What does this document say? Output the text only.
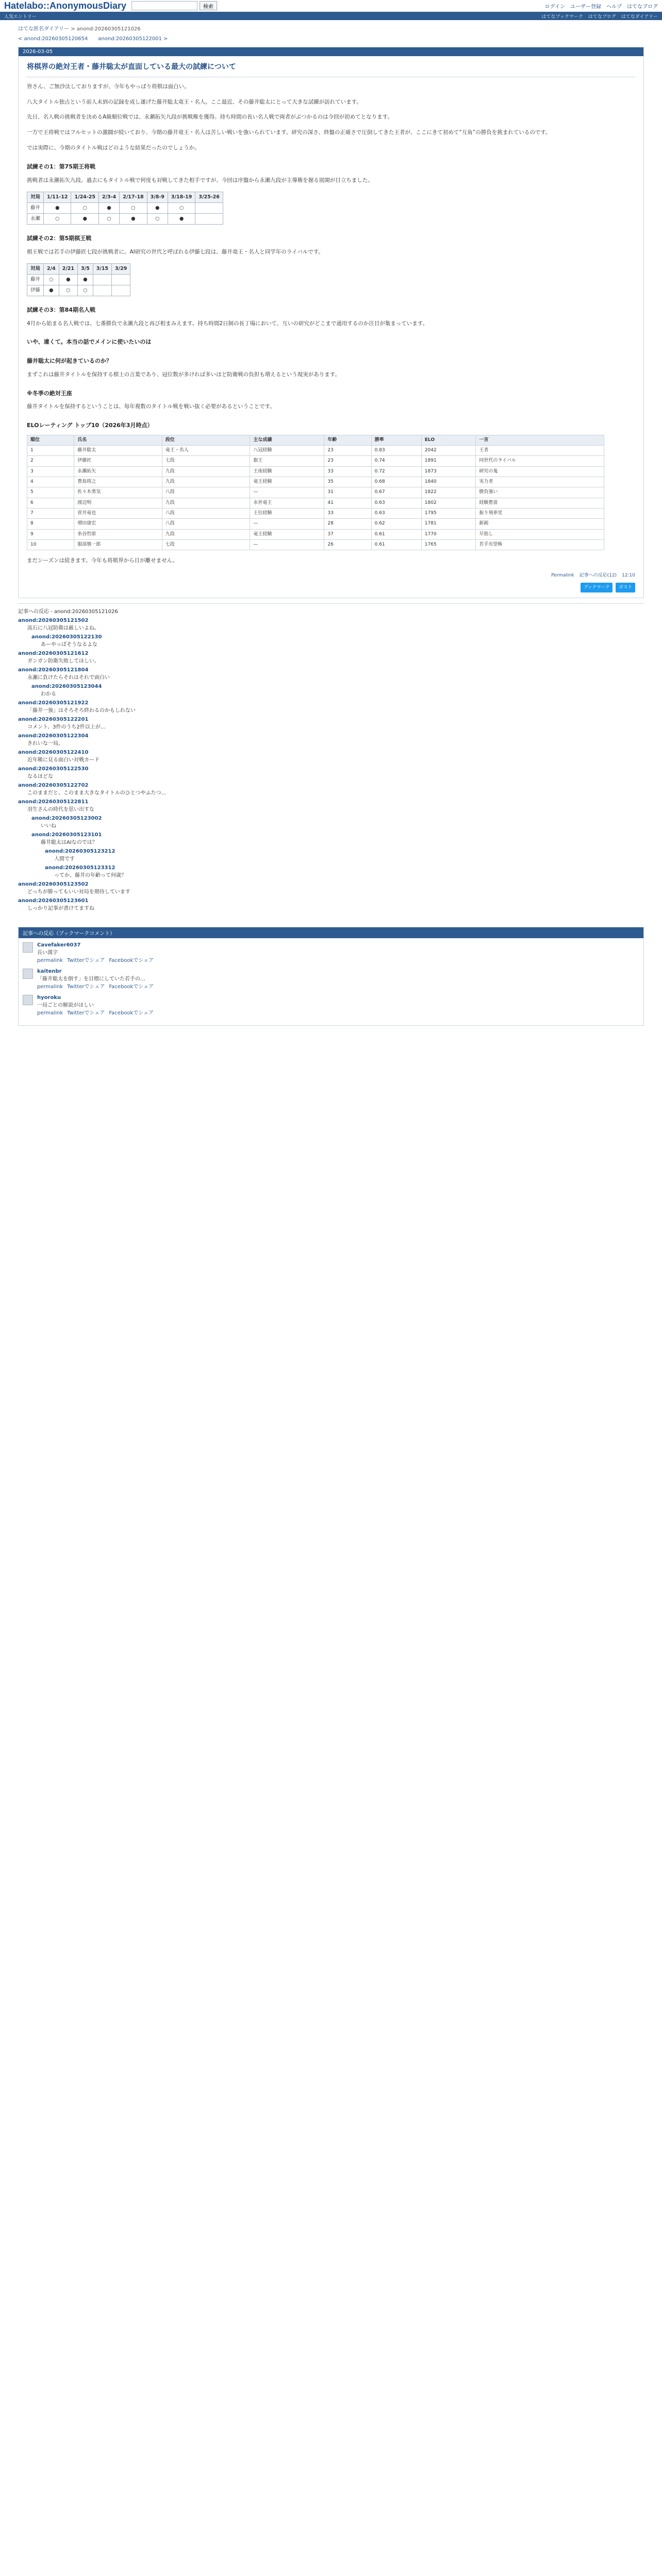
Hatelabo::AnonymousDiary	検索	ログイン ユーザー登録 ヘルプ はてなブログ
人気エントリー	はてなブックマーク はてなブログ はてなダイアリー
はてな匿名ダイアリー > anond:20260305121026
< anond:20260305120654 anond:20260305122001 >
2026-03-05
将棋界の絶対王者・藤井聡太が直面している最大の試練について

皆さん、ご無沙汰しておりますが、今年もやっぱり将棋は面白い。

八大タイトル独占という前人未到の記録を成し遂げた藤井聡太竜王・名人。ここ最近、その藤井聡太にとって大きな試練が訪れています。

先日、名人戦の挑戦者を決めるA級順位戦では、永瀬拓矢九段が挑戦権を獲得。持ち時間の長い名人戦で両者がぶつかるのは今回が初めてとなります。

一方で王将戦ではフルセットの激闘が続いており、今期の藤井竜王・名人は苦しい戦いを強いられています。研究の深さ、終盤の正確さで圧倒してきた王者が、ここにきて初めて“互角”の勝負を挑まれているのです。

では実際に、今期のタイトル戦はどのような結果だったのでしょうか。

試練その1：第75期王将戦

挑戦者は永瀬拓矢九段。過去にもタイトル戦で何度も対戦してきた相手ですが、今回は序盤から永瀬九段が主導権を握る展開が目立ちました。

対局	1/11-12	1/24-25	2/3-4	2/17-18	3/8-9	3/18-19	3/25-26
藤井	●	○	●	○	●	○	
永瀬	○	●	○	●	○	●	
試練その2：第5期棋王戦

棋王戦では若手の伊藤匠七段が挑戦者に。AI研究の世代と呼ばれる伊藤七段は、藤井竜王・名人と同学年のライバルです。

対局	2/4	2/21	3/5	3/15	3/29
藤井	○	●	●		
伊藤	●	○	○		
試練その3：第84期名人戦

4月から始まる名人戦では、七番勝負で永瀬九段と再び相まみえます。持ち時間2日制の長丁場において、互いの研究がどこまで通用するのか注目が集まっています。

いや、違くて。本当の話でメインに使いたいのは
藤井聡太に何が起きているのか？

まずこれは藤井タイトルを保持する棋士の言葉であり、冠位数が多ければ多いほど防衛戦の負担も増えるという現実があります。

※冬季の絶対王座

藤井タイトルを保持するということは、毎年複数のタイトル戦を戦い抜く必要があるということです。

ELOレーティング トップ10（2026年3月時点）
順位	氏名	段位	主な成績	年齢	勝率	ELO	一言
1	藤井聡太	竜王・名人	八冠経験	23	0.83	2042	王者
2	伊藤匠	七段	叡王	23	0.74	1891	同世代のライバル
3	永瀬拓矢	九段	王座経験	33	0.72	1873	研究の鬼
4	豊島将之	九段	竜王経験	35	0.68	1840	実力者
5	佐々木勇気	八段	—	31	0.67	1822	勝負強い
6	渡辺明	九段	永世竜王	41	0.63	1802	経験豊富
7	菅井竜也	八段	王位経験	33	0.63	1795	振り飛車党
8	増田康宏	八段	—	28	0.62	1781	新鋭
9	糸谷哲郎	九段	竜王経験	37	0.61	1770	早指し
10	服部慎一郎	七段	—	26	0.61	1765	若手有望株

まだシーズンは続きます。今年も将棋界から目が離せません。

Permalink 記事への反応(12) 12:10
ブックマーク	ポスト
記事への反応 - anond:20260305121026
anond:20260305121502
流石に八冠防衛は厳しいよね。
anond:20260305122130
あーやっぱそうなるよな
anond:20260305121612
ガンガン防衛失敗してほしい。
anond:20260305121804
永瀬に負けたらそれはそれで面白い
anond:20260305123044
わかる
anond:20260305121922
「藤井一強」はそろそろ終わるのかもしれない
anond:20260305122201
コメント、3件のうち2件以上が…
anond:20260305122304
きれいな一局。
anond:20260305122410
近年稀に見る面白い対戦カード
anond:20260305122530
なるほどな
anond:20260305122702
このままだと、このまま大きなタイトルのひとつやふたつ…
anond:20260305122811
羽生さんの時代を思い出すな
anond:20260305123002
いいね
anond:20260305123101
藤井聡太はAIなのでは？
anond:20260305123212
人間です
anond:20260305123312
ってか、藤井の年齢って何歳？
anond:20260305123502
どっちが勝ってもいい対局を期待しています
anond:20260305123601
しっかり記事が書けてますね
記事への反応（ブックマークコメント）
Cavefaker6037
長い漢字
permalink Twitterでシェア Facebookでシェア
kaitenbr
「藤井聡太を倒す」を目標にしていた若手の…
permalink Twitterでシェア Facebookでシェア
hyoroku
一局ごとの解説がほしい
permalink Twitterでシェア Facebookでシェア
